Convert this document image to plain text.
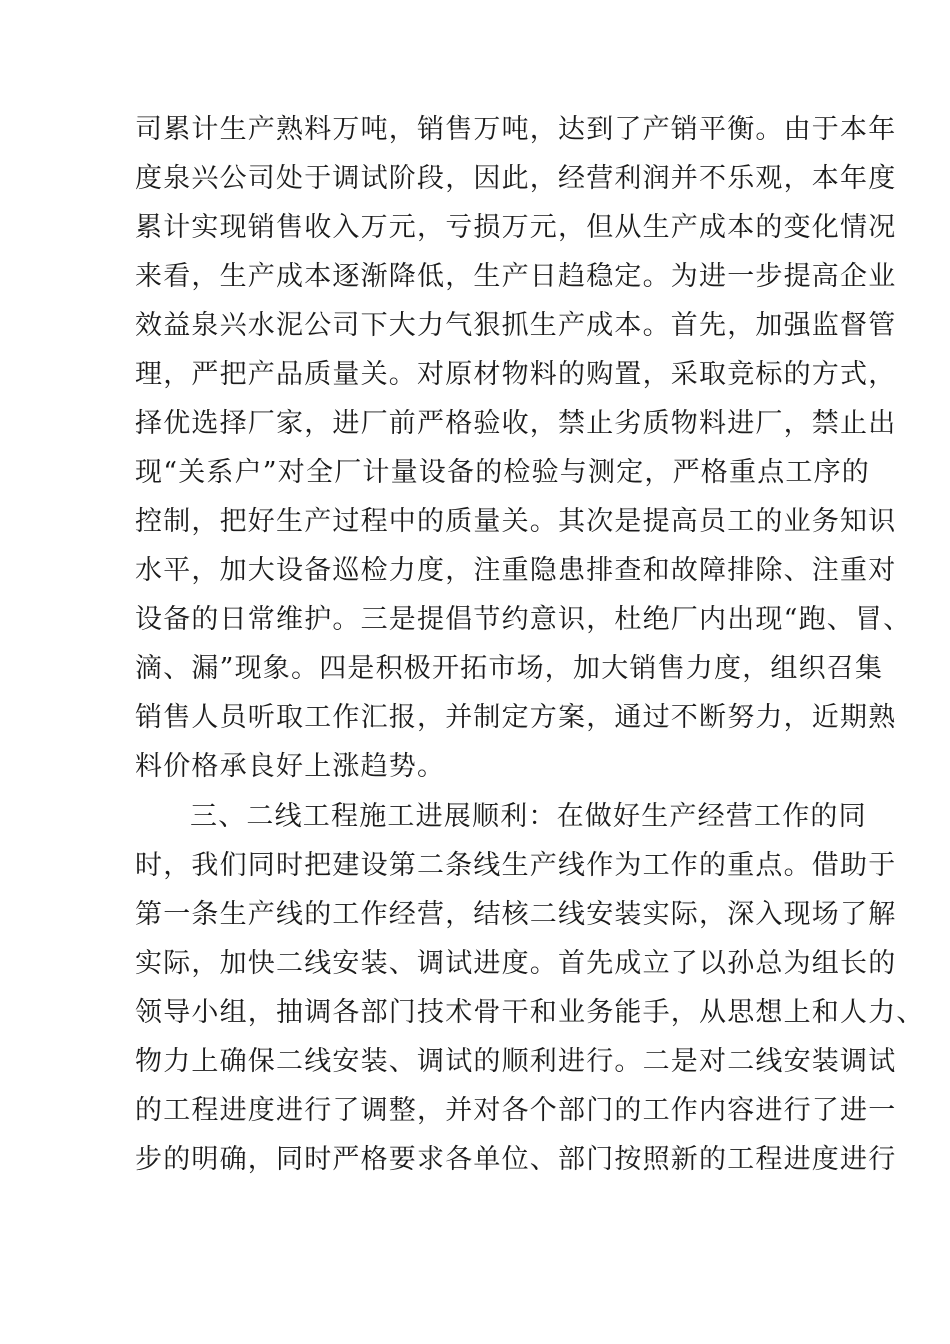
司累计生产熟料万吨，销售万吨，达到了产销平衡。由于本年
度泉兴公司处于调试阶段，因此，经营利润并不乐观，本年度
累计实现销售收入万元，亏损万元，但从生产成本的变化情况
来看，生产成本逐渐降低，生产日趋稳定。为进一步提高企业
效益泉兴水泥公司下大力气狠抓生产成本。首先，加强监督管
理，严把产品质量关。对原材物料的购置，采取竞标的方式，
择优选择厂家，进厂前严格验收，禁止劣质物料进厂，禁止出
现“关系户”对全厂计量设备的检验与测定，严格重点工序的
控制，把好生产过程中的质量关。其次是提高员工的业务知识
水平，加大设备巡检力度，注重隐患排查和故障排除、注重对
设备的日常维护。三是提倡节约意识，杜绝厂内出现“跑、冒、
滴、漏”现象。四是积极开拓市场，加大销售力度，组织召集
销售人员听取工作汇报，并制定方案，通过不断努力，近期熟
料价格承良好上涨趋势。
三、二线工程施工进展顺利：在做好生产经营工作的同
时，我们同时把建设第二条线生产线作为工作的重点。借助于
第一条生产线的工作经营，结核二线安装实际，深入现场了解
实际，加快二线安装、调试进度。首先成立了以孙总为组长的
领导小组，抽调各部门技术骨干和业务能手，从思想上和人力、
物力上确保二线安装、调试的顺利进行。二是对二线安装调试
的工程进度进行了调整，并对各个部门的工作内容进行了进一
步的明确，同时严格要求各单位、部门按照新的工程进度进行
